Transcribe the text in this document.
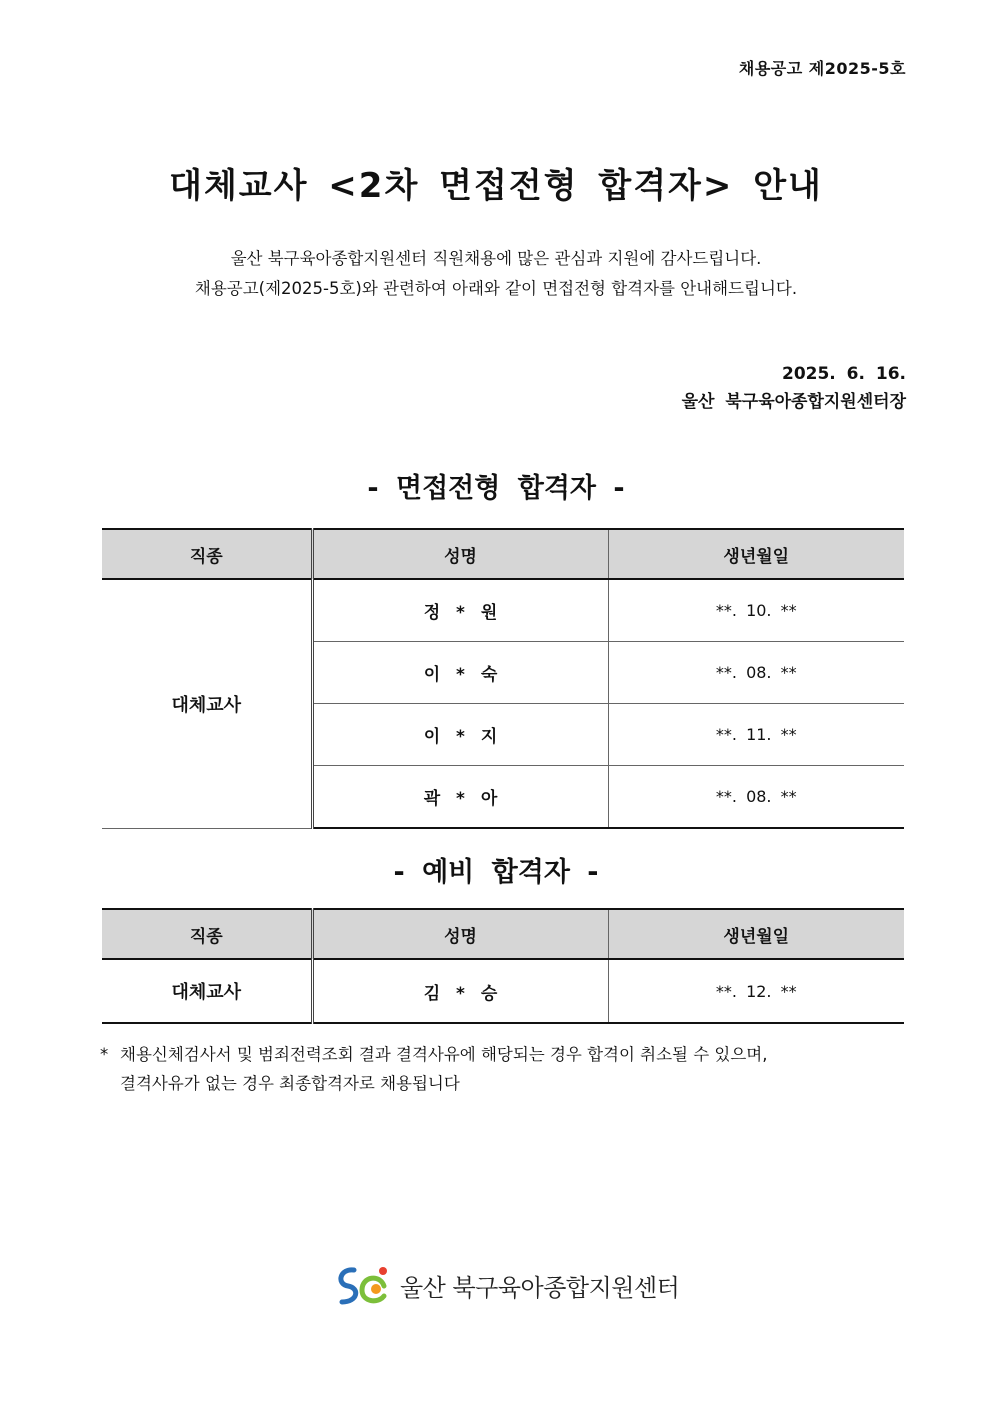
채용공고 제2025-5호
대체교사 <2차 면접전형 합격자> 안내

울산 북구육아종합지원센터 직원채용에 많은 관심과 지원에 감사드립니다.

채용공고(제2025-5호)와 관련하여 아래와 같이 면접전형 합격자를 안내해드립니다.

2025. 6. 16.
울산 북구육아종합지원센터장
- 면접전형 합격자 -
직종	성명	생년월일
대체교사	정 * 원	**. 10. **
	이 * 숙	**. 08. **
	이 * 지	**. 11. **
	곽 * 아	**. 08. **
- 예비 합격자 -
직종	성명	생년월일
대체교사	김 * 승	**. 12. **
* 채용신체검사서 및 범죄전력조회 결과 결격사유에 해당되는 경우 합격이 취소될 수 있으며,
결격사유가 없는 경우 최종합격자로 채용됩니다
울산 북구육아종합지원센터
